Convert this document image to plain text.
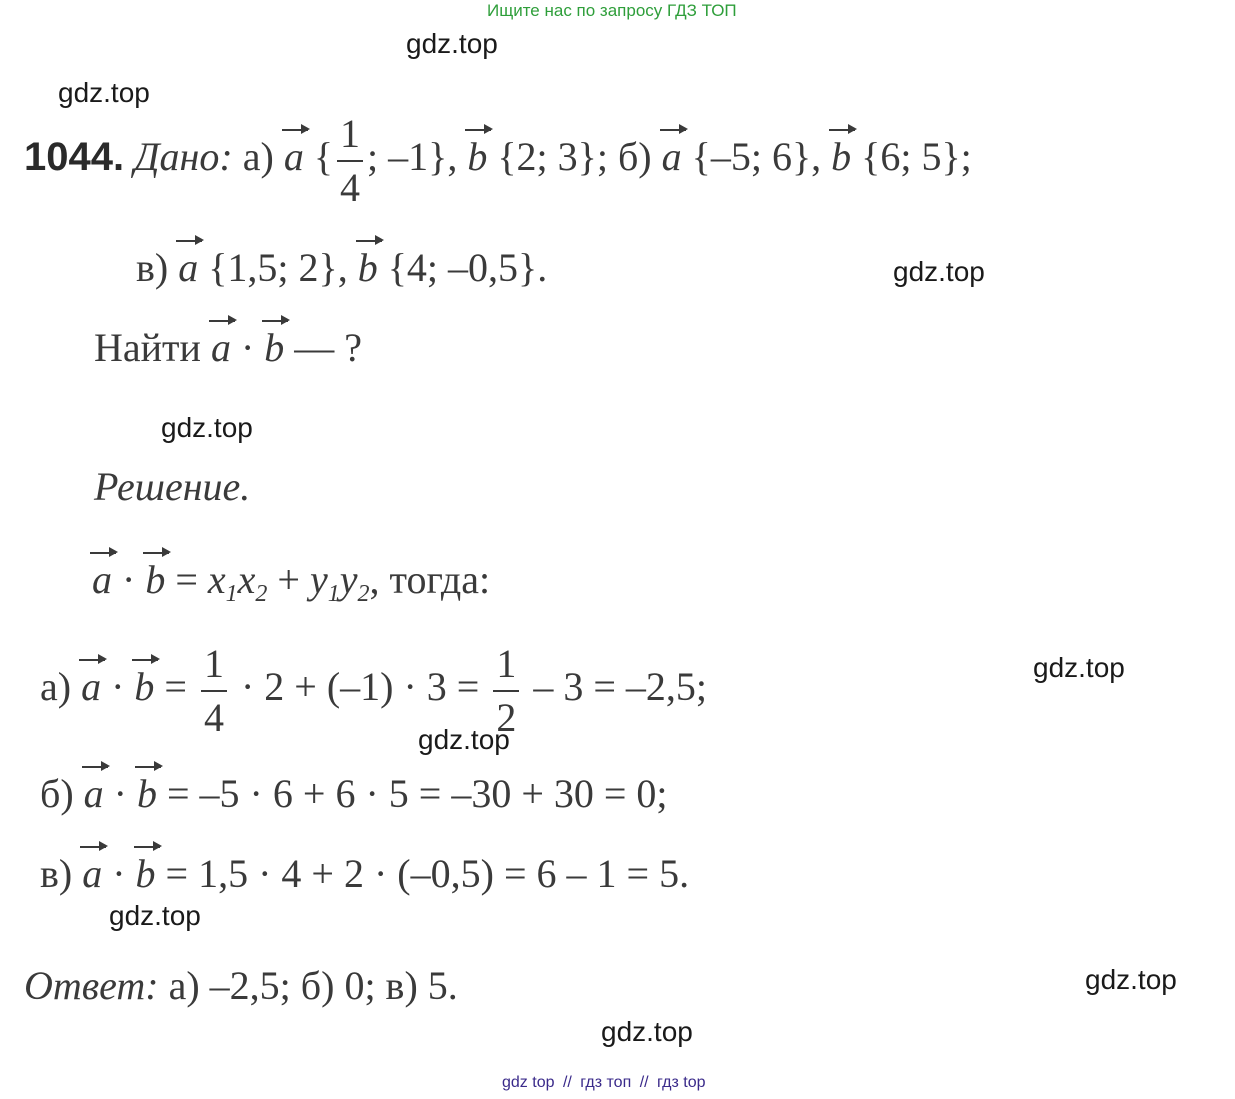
Ищите нас по запросу ГДЗ ТОП
gdz.top
gdz.top
gdz.top
gdz.top
gdz.top
gdz.top
gdz.top
gdz.top
gdz.top
1044. Дано: а) a { $\frac{1}{4}$ ; –1}, b {2; 3}; б) a {–5; 6}, b {6; 5};
в) a {1,5; 2}, b {4; –0,5}.
Найти a · b — ?
Решение.
$a \cdot b = x_1x_2 + y_1y_2$, тогда:
а) $a \cdot b = \frac{1}{4} \cdot 2 + (-1) \cdot 3 = \frac{1}{2} - 3 = -2,5$;
б) a · b = –5 · 6 + 6 · 5 = –30 + 30 = 0;
в) a · b = 1,5 · 4 + 2 · (–0,5) = 6 – 1 = 5.
Ответ: а) –2,5; б) 0; в) 5.
gdz top // гдз топ // гдз top
